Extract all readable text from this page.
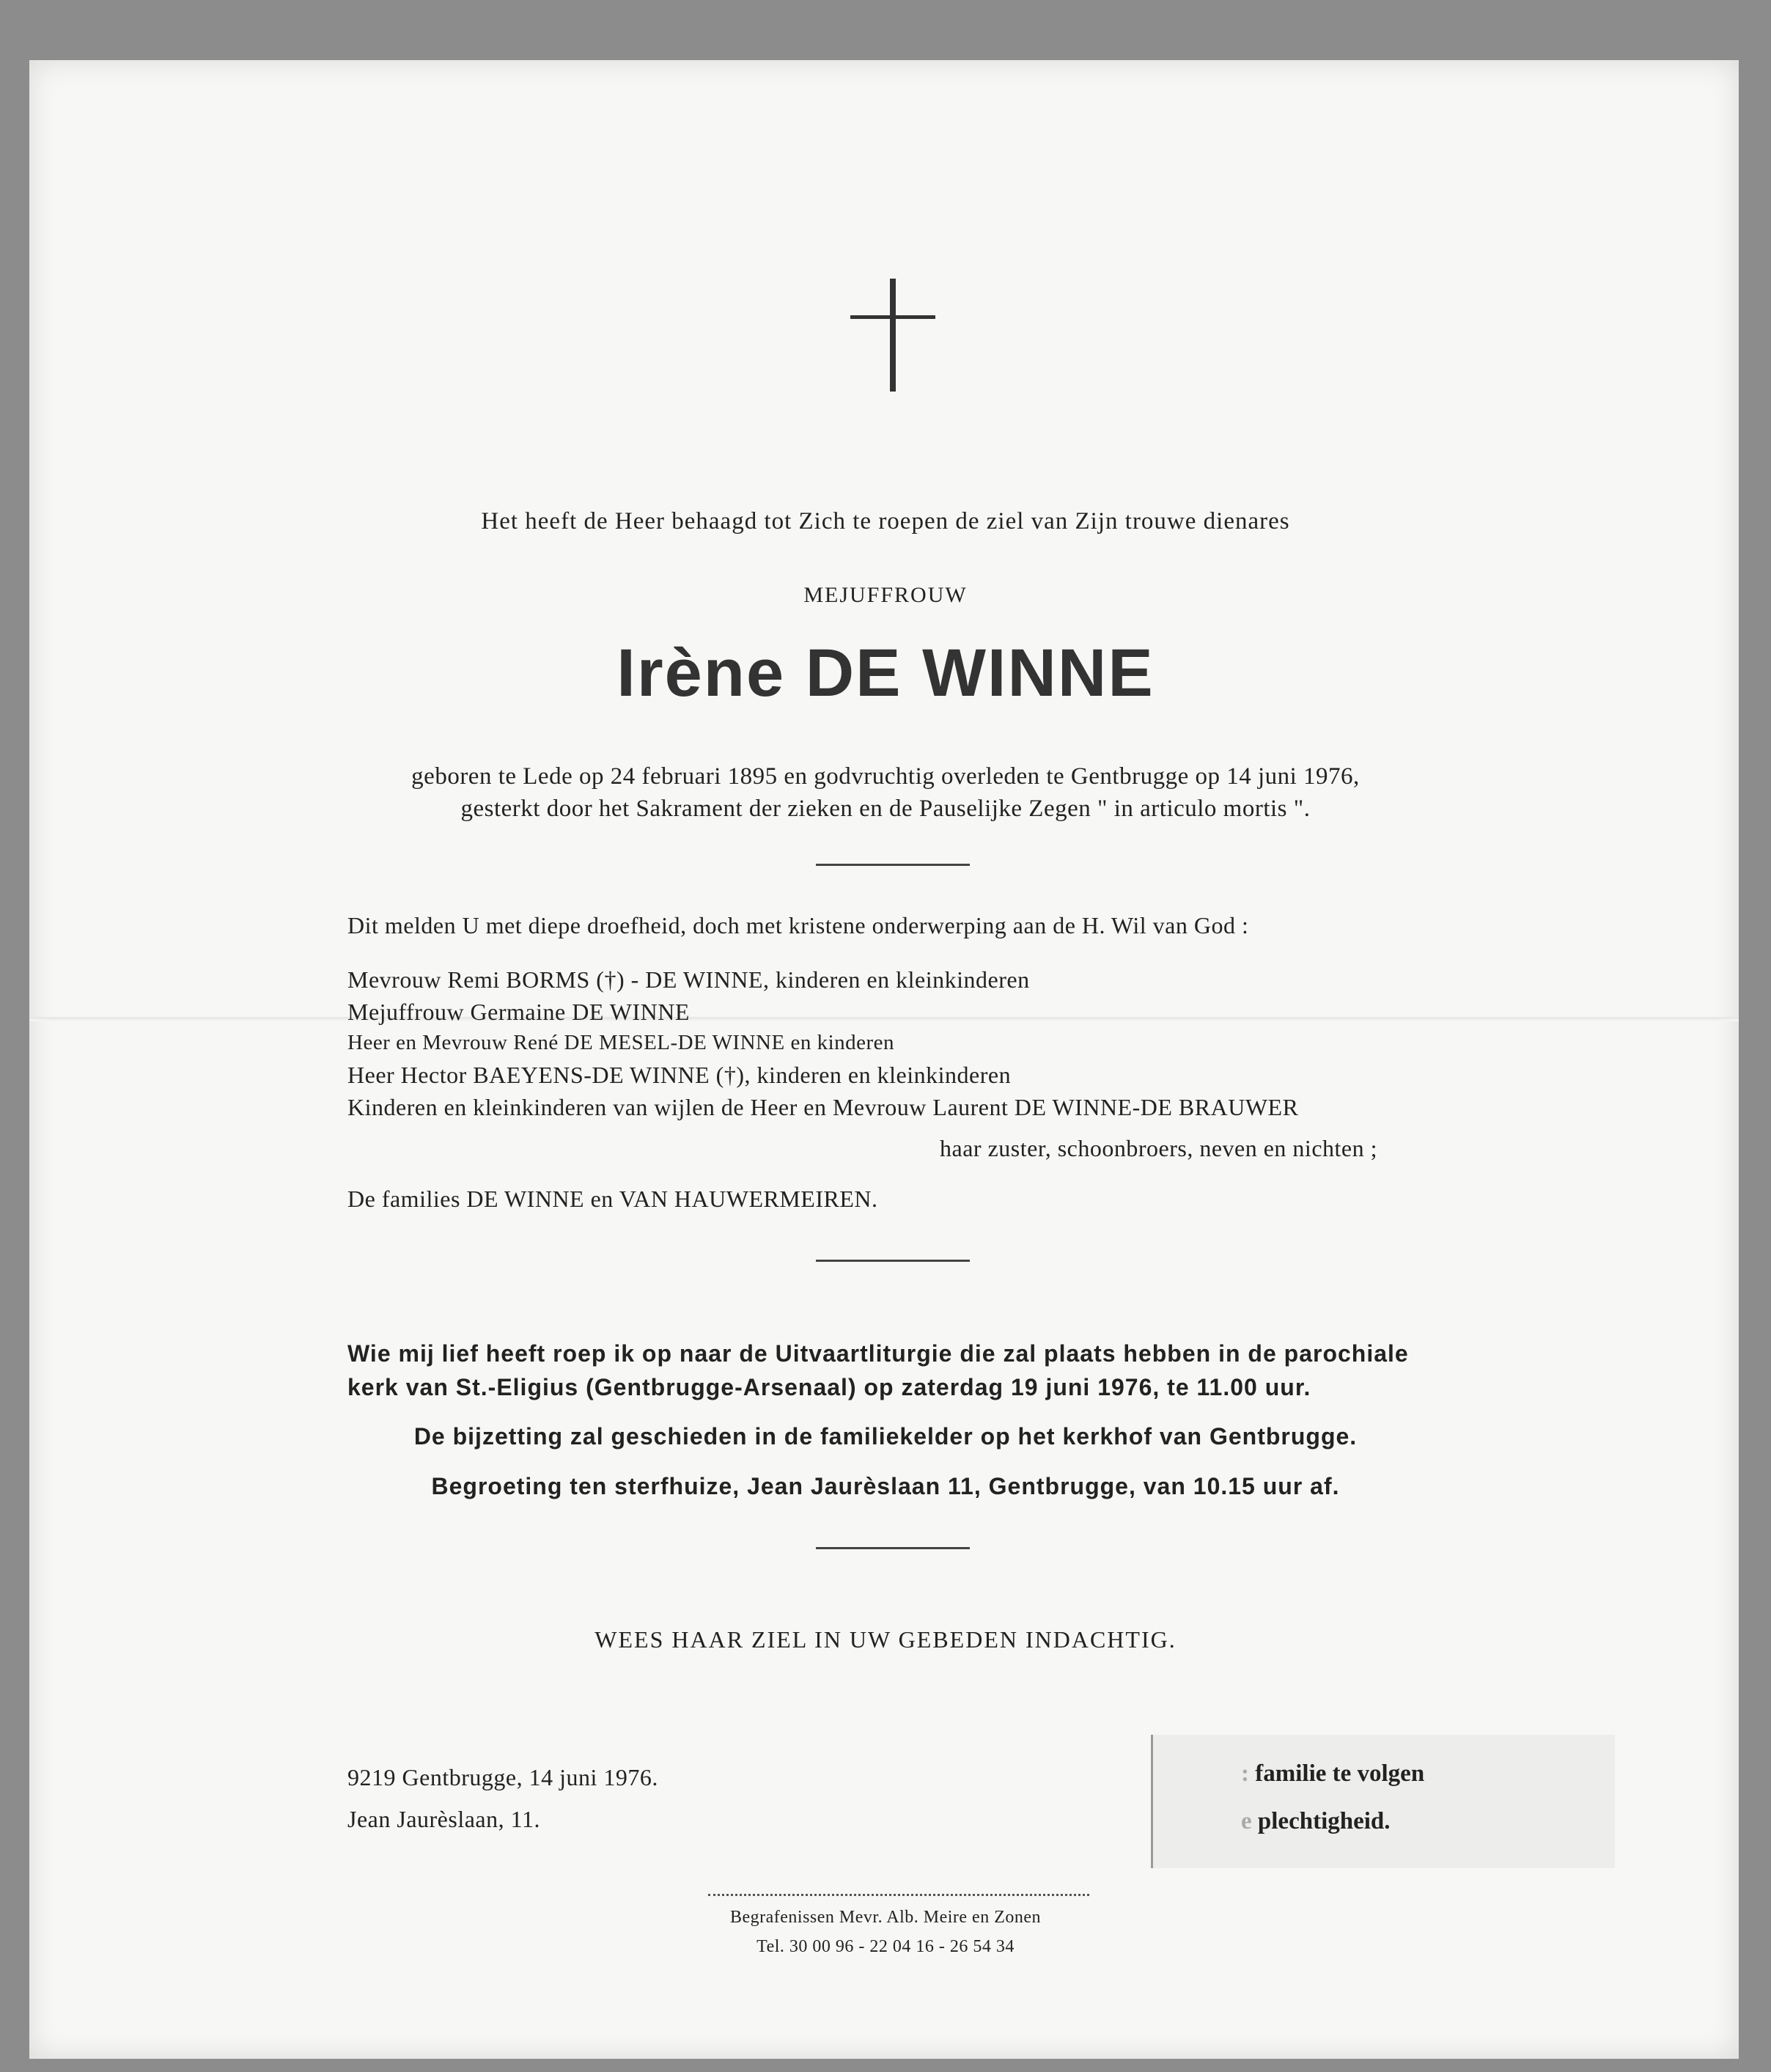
Het heeft de Heer behaagd tot Zich te roepen de ziel van Zijn trouwe dienares
MEJUFFROUW
Irène DE WINNE
geboren te Lede op 24 februari 1895 en godvruchtig overleden te Gentbrugge op 14 juni 1976,
gesterkt door het Sakrament der zieken en de Pauselijke Zegen " in articulo mortis ".
Dit melden U met diepe droefheid, doch met kristene onderwerping aan de H. Wil van God :
Mevrouw Remi BORMS (†) - DE WINNE, kinderen en kleinkinderen
Mejuffrouw Germaine DE WINNE
Heer en Mevrouw René DE MESEL-DE WINNE en kinderen
Heer Hector BAEYENS-DE WINNE (†), kinderen en kleinkinderen
Kinderen en kleinkinderen van wijlen de Heer en Mevrouw Laurent DE WINNE-DE BRAUWER
haar zuster, schoonbroers, neven en nichten ;
De families DE WINNE en VAN HAUWERMEIREN.
Wie mij lief heeft roep ik op naar de Uitvaartliturgie die zal plaats hebben in de parochiale
kerk van St.-Eligius (Gentbrugge-Arsenaal) op zaterdag 19 juni 1976, te 11.00 uur.
De bijzetting zal geschieden in de familiekelder op het kerkhof van Gentbrugge.
Begroeting ten sterfhuize, Jean Jaurèslaan 11, Gentbrugge, van 10.15 uur af.
WEES HAAR ZIEL IN UW GEBEDEN INDACHTIG.
9219 Gentbrugge, 14 juni 1976.
Jean Jaurèslaan, 11.
: familie te volgen
e plechtigheid.
Begrafenissen Mevr. Alb. Meire en Zonen
Tel. 30 00 96 - 22 04 16 - 26 54 34
